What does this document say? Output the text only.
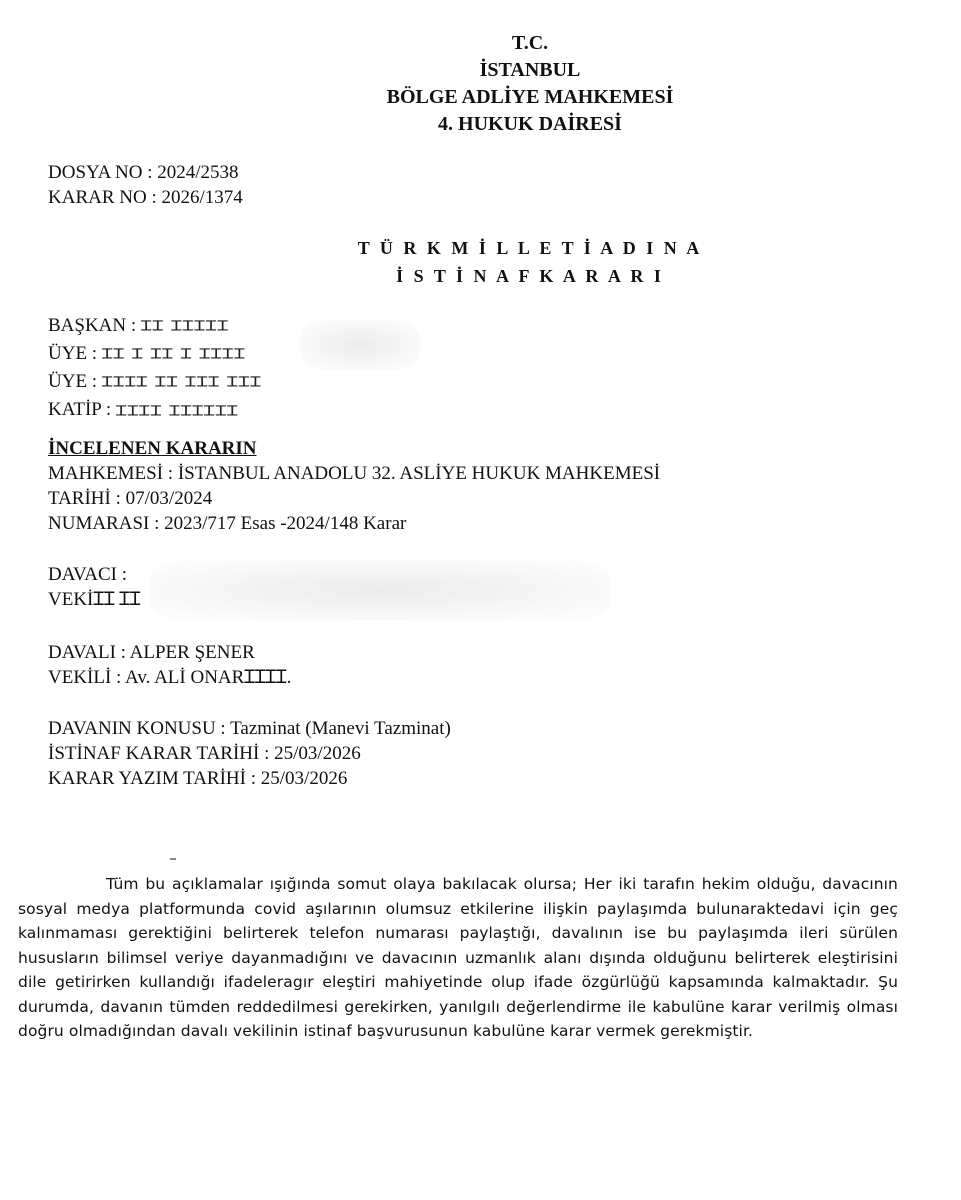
T.C.
İSTANBUL
BÖLGE ADLİYE MAHKEMESİ
4. HUKUK DAİRESİ
DOSYA NO : 2024/2538
KARAR NO : 2026/1374
T Ü R K M İ L L E T İ A D I N A
İ S T İ N A F K A R A R I
BAŞKAN : ꞮꞮ ꞮꞮꞮꞮꞮ
ÜYE : ꞮꞮ Ɪ ꞮꞮ Ɪ ꞮꞮꞮꞮ
ÜYE : ꞮꞮꞮꞮ ꞮꞮ ꞮꞮꞮ ꞮꞮꞮ
KATİP : ꞮꞮꞮꞮ ꞮꞮꞮꞮꞮꞮ
İNCELENEN KARARIN
MAHKEMESİ : İSTANBUL ANADOLU 32. ASLİYE HUKUK MAHKEMESİ
TARİHİ : 07/03/2024
NUMARASI : 2023/717 Esas -2024/148 Karar
DAVACI :
VEKİꞮꞮ ꞮꞮ
DAVALI : ALPER ŞENER
VEKİLİ : Av. ALİ ONARꞮꞮꞮꞮ.
DAVANIN KONUSU : Tazminat (Manevi Tazminat)
İSTİNAF KARAR TARİHİ : 25/03/2026
KARAR YAZIM TARİHİ : 25/03/2026
Tüm bu açıklamalar ışığında somut olaya bakılacak olursa; Her iki tarafın hekim olduğu, davacının sosyal medya platformunda covid aşılarının olumsuz etkilerine ilişkin paylaşımda bulunaraktedavi için geç kalınmaması gerektiğini belirterek telefon numarası paylaştığı, davalının ise bu paylaşımda ileri sürülen hususların bilimsel veriye dayanmadığını ve davacının uzmanlık alanı dışında olduğunu belirterek eleştirisini dile getirirken kullandığı ifadeleragır eleştiri mahiyetinde olup ifade özgürlüğü kapsamında kalmaktadır. Şu durumda, davanın tümden reddedilmesi gerekirken, yanılgılı değerlendirme ile kabulüne karar verilmiş olması doğru olmadığından davalı vekilinin istinaf başvurusunun kabulüne karar vermek gerekmiştir.
